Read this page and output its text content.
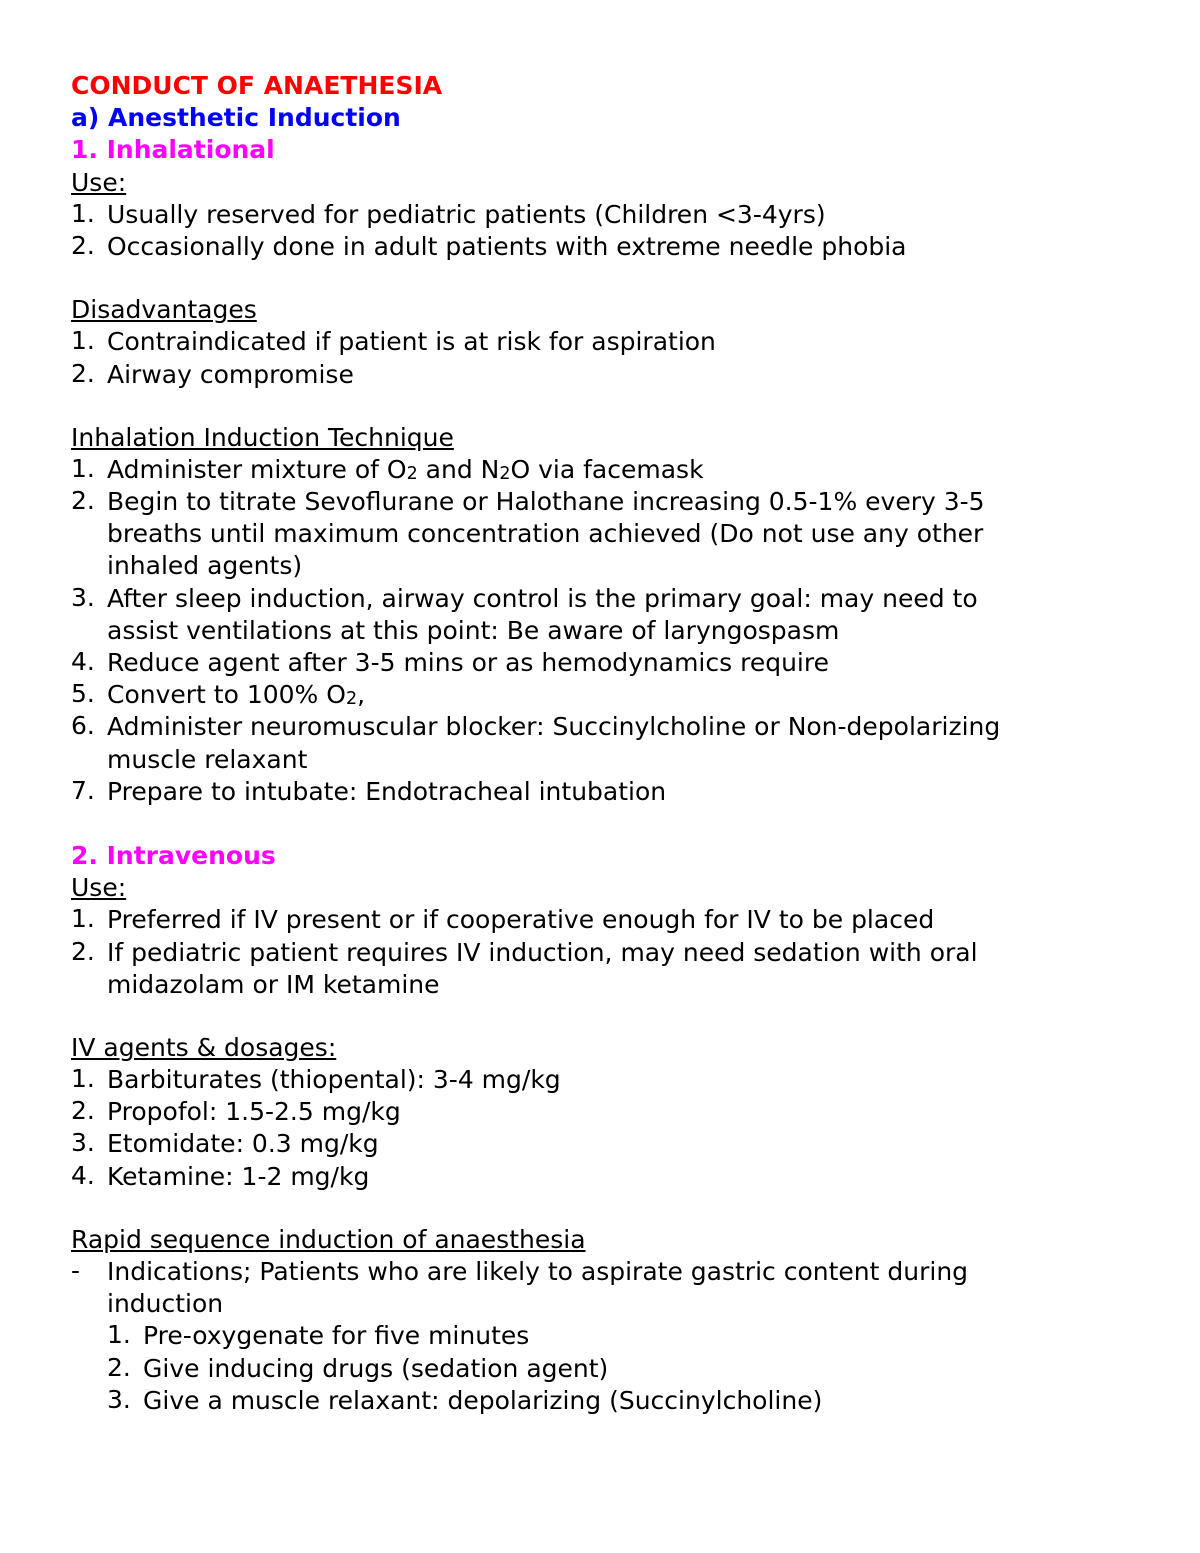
CONDUCT OF ANAETHESIA
a) Anesthetic Induction
1. Inhalational
Use:
1. Usually reserved for pediatric patients (Children <3-4yrs)
2. Occasionally done in adult patients with extreme needle phobia
Disadvantages
1. Contraindicated if patient is at risk for aspiration
2. Airway compromise
Inhalation Induction Technique
1. Administer mixture of $O_2$ and $N_2O$ via facemask
2. Begin to titrate Sevoflurane or Halothane increasing 0.5-1% every 3-5
breaths until maximum concentration achieved (Do not use any other
inhaled agents)
3. After sleep induction, airway control is the primary goal: may need to
assist ventilations at this point: Be aware of laryngospasm
4. Reduce agent after 3-5 mins or as hemodynamics require
5. Convert to 100% $O_2$,
6. Administer neuromuscular blocker: Succinylcholine or Non-depolarizing
muscle relaxant
7. Prepare to intubate: Endotracheal intubation
2. Intravenous
Use:
1. Preferred if IV present or if cooperative enough for IV to be placed
2. If pediatric patient requires IV induction, may need sedation with oral
midazolam or IM ketamine
IV agents & dosages:
1. Barbiturates (thiopental): 3-4 mg/kg
2. Propofol: 1.5-2.5 mg/kg
3. Etomidate: 0.3 mg/kg
4. Ketamine: 1-2 mg/kg
Rapid sequence induction of anaesthesia
-	Indications; Patients who are likely to aspirate gastric content during
induction
1. Pre-oxygenate for five minutes
2. Give inducing drugs (sedation agent)
3. Give a muscle relaxant: depolarizing (Succinylcholine)
